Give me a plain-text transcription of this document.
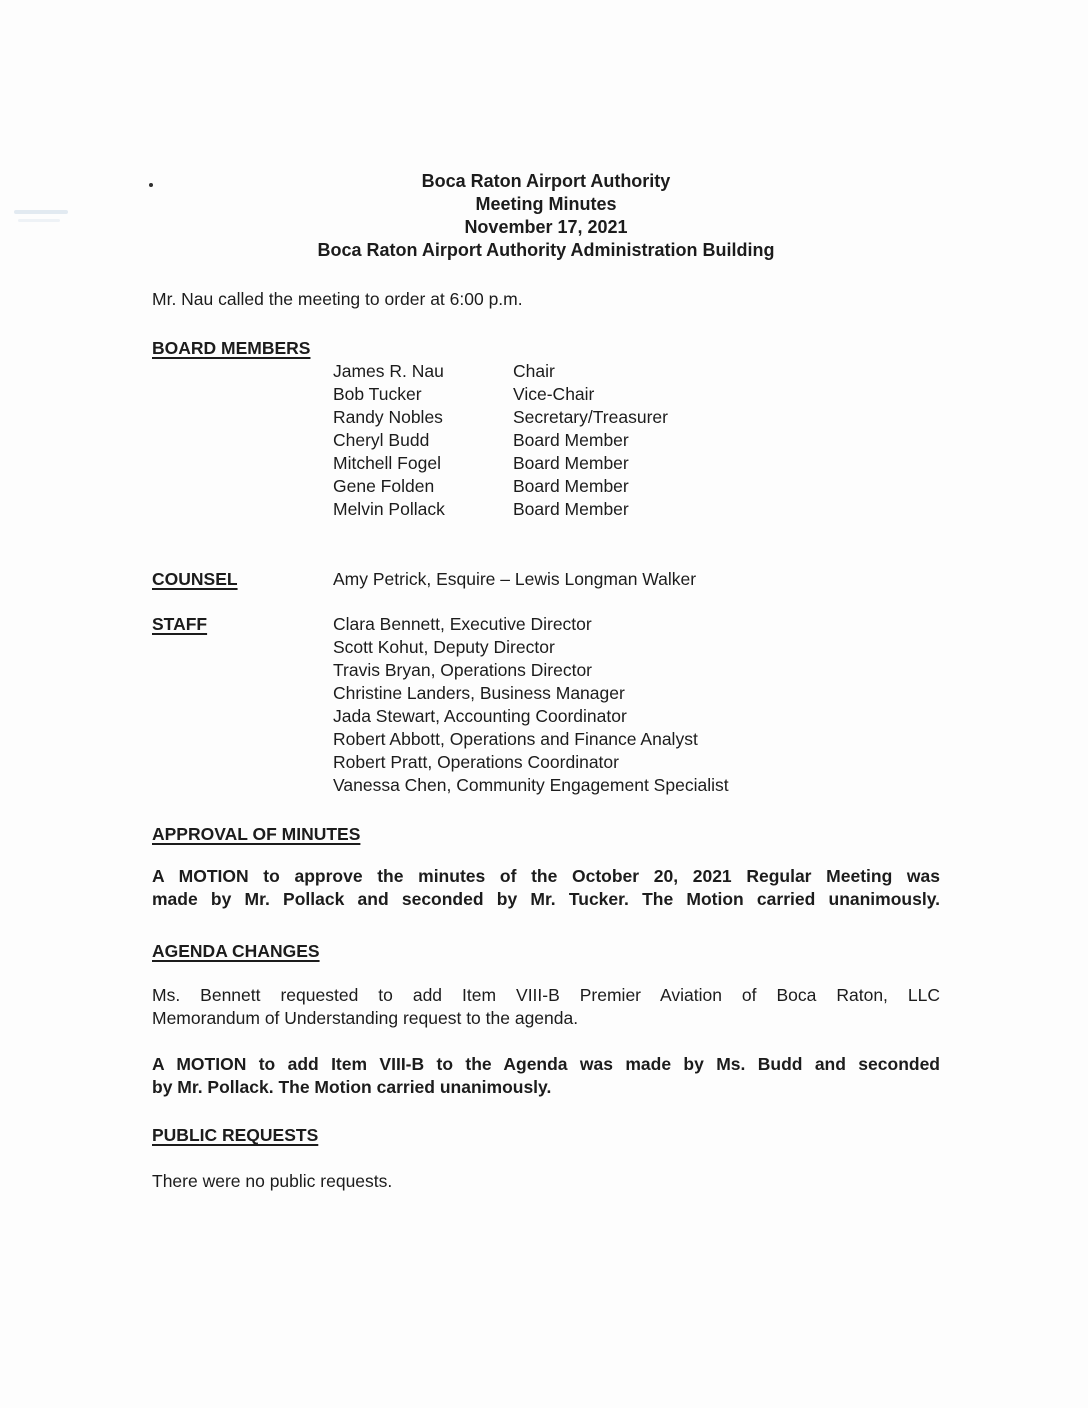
Boca Raton Airport Authority
Meeting Minutes
November 17, 2021
Boca Raton Airport Authority Administration Building
Mr. Nau called the meeting to order at 6:00 p.m.
BOARD MEMBERS
James R. Nau	Chair
Bob Tucker	Vice-Chair
Randy Nobles	Secretary/Treasurer
Cheryl Budd	Board Member
Mitchell Fogel	Board Member
Gene Folden	Board Member
Melvin Pollack	Board Member
COUNSEL	Amy Petrick, Esquire – Lewis Longman Walker
STAFF	Clara Bennett, Executive Director
Scott Kohut, Deputy Director
Travis Bryan, Operations Director
Christine Landers, Business Manager
Jada Stewart, Accounting Coordinator
Robert Abbott, Operations and Finance Analyst
Robert Pratt, Operations Coordinator
Vanessa Chen, Community Engagement Specialist
APPROVAL OF MINUTES
A MOTION to approve the minutes of the October 20, 2021 Regular Meeting was
made by Mr. Pollack and seconded by Mr. Tucker. The Motion carried unanimously.
AGENDA CHANGES
Ms. Bennett requested to add Item VIII-B Premier Aviation of Boca Raton, LLC
Memorandum of Understanding request to the agenda.
A MOTION to add Item VIII-B to the Agenda was made by Ms. Budd and seconded
by Mr. Pollack. The Motion carried unanimously.
PUBLIC REQUESTS
There were no public requests.
